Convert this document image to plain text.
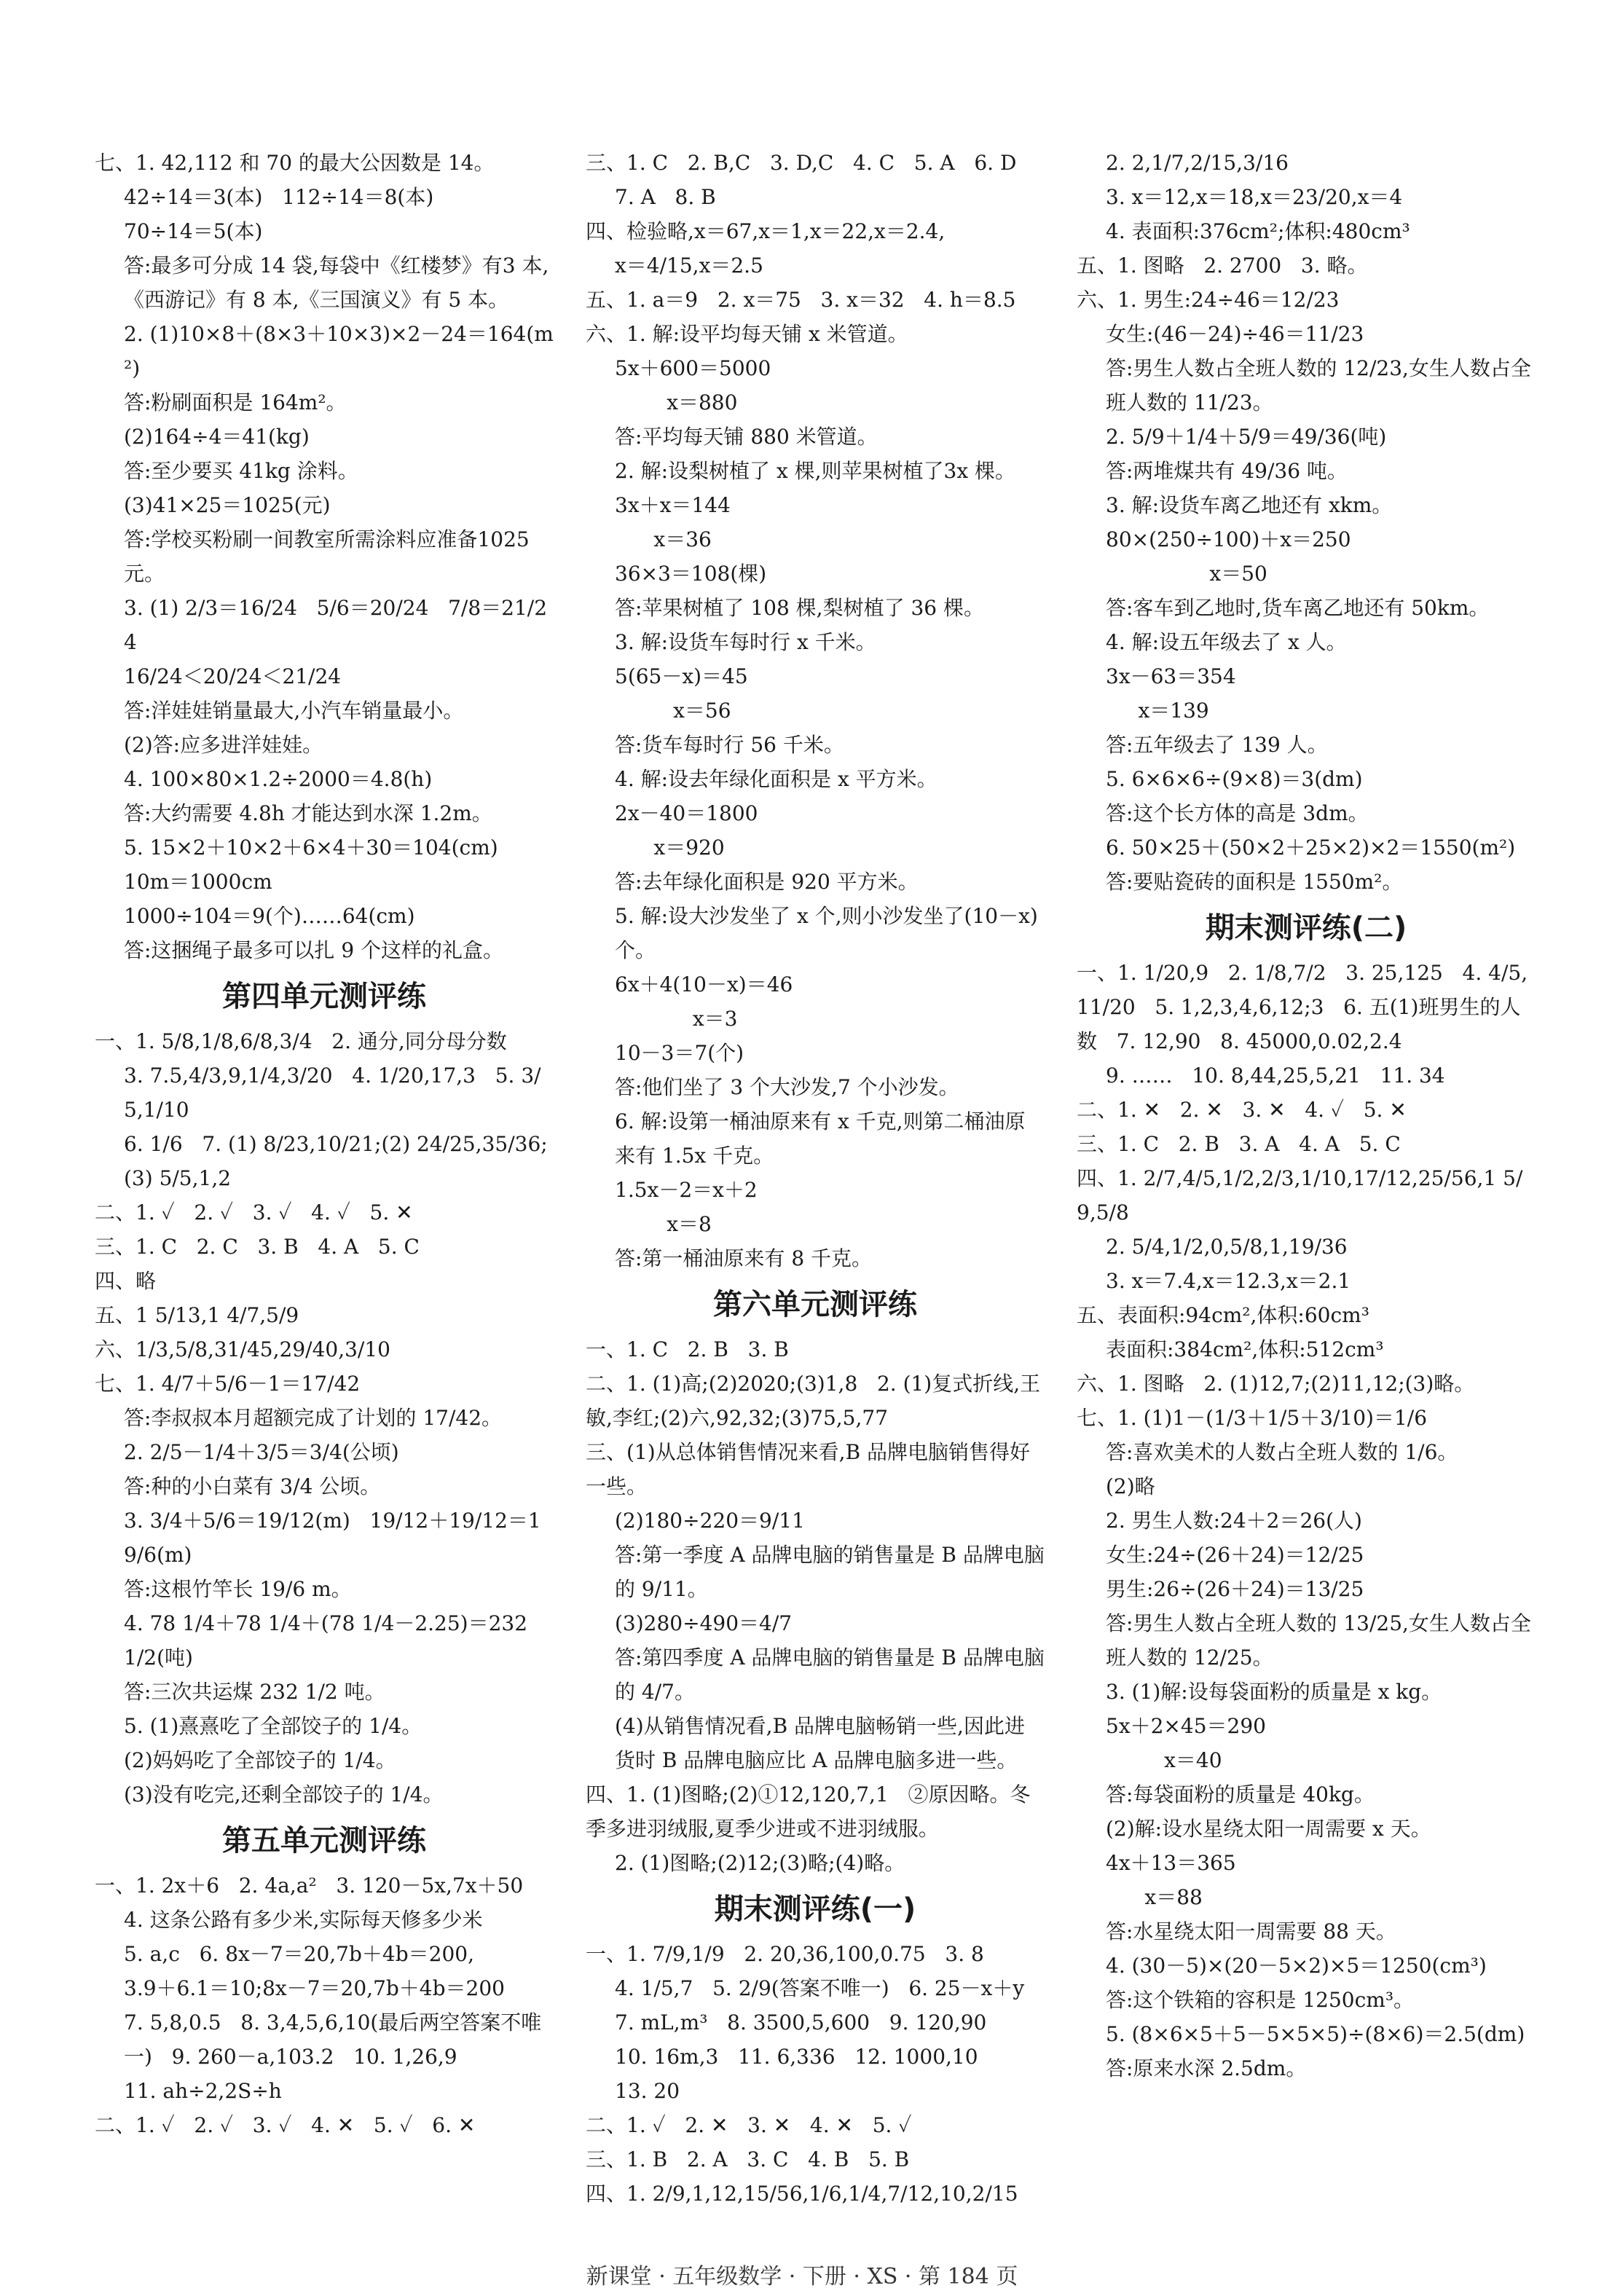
七、1. 42,112 和 70 的最大公因数是 14。

42÷14＝3(本)   112÷14＝8(本)

70÷14＝5(本)

答:最多可分成 14 袋,每袋中《红楼梦》有3 本,《西游记》有 8 本,《三国演义》有 5 本。

2. (1)10×8＋(8×3＋10×3)×2－24＝164(m²)

答:粉刷面积是 164m²。

(2)164÷4＝41(kg)

答:至少要买 41kg 涂料。

(3)41×25＝1025(元)

答:学校买粉刷一间教室所需涂料应准备1025 元。

3. (1) 2/3＝16/24   5/6＝20/24   7/8＝21/24

16/24＜20/24＜21/24

答:洋娃娃销量最大,小汽车销量最小。

(2)答:应多进洋娃娃。

4. 100×80×1.2÷2000＝4.8(h)

答:大约需要 4.8h 才能达到水深 1.2m。

5. 15×2＋10×2＋6×4＋30＝104(cm)

10m＝1000cm

1000÷104＝9(个)……64(cm)

答:这捆绳子最多可以扎 9 个这样的礼盒。

第四单元测评练

一、1. 5/8,1/8,6/8,3/4   2. 通分,同分母分数

3. 7.5,4/3,9,1/4,3/20   4. 1/20,17,3   5. 3/5,1/10

6. 1/6   7. (1) 8/23,10/21;(2) 24/25,35/36;

(3) 5/5,1,2

二、1. ✓   2. ✓   3. ✓   4. ✓   5. ✕

三、1. C   2. C   3. B   4. A   5. C

四、略

五、1 5/13,1 4/7,5/9

六、1/3,5/8,31/45,29/40,3/10

七、1. 4/7＋5/6－1＝17/42

答:李叔叔本月超额完成了计划的 17/42。

2. 2/5－1/4＋3/5＝3/4(公顷)

答:种的小白菜有 3/4 公顷。

3. 3/4＋5/6＝19/12(m)   19/12＋19/12＝19/6(m)

答:这根竹竿长 19/6 m。

4. 78 1/4＋78 1/4＋(78 1/4－2.25)＝232 1/2(吨)

答:三次共运煤 232 1/2 吨。

5. (1)熹熹吃了全部饺子的 1/4。

(2)妈妈吃了全部饺子的 1/4。

(3)没有吃完,还剩全部饺子的 1/4。

第五单元测评练

一、1. 2x＋6   2. 4a,a²   3. 120－5x,7x＋50

4. 这条公路有多少米,实际每天修多少米

5. a,c   6. 8x－7＝20,7b＋4b＝200,

3.9＋6.1＝10;8x－7＝20,7b＋4b＝200

7. 5,8,0.5   8. 3,4,5,6,10(最后两空答案不唯一)   9. 260－a,103.2   10. 1,26,9

11. ah÷2,2S÷h

二、1. ✓   2. ✓   3. ✓   4. ✕   5. ✓   6. ✕

三、1. C   2. B,C   3. D,C   4. C   5. A   6. D

7. A   8. B

四、检验略,x＝67,x＝1,x＝22,x＝2.4,

x＝4/15,x＝2.5

五、1. a＝9   2. x＝75   3. x＝32   4. h＝8.5

六、1. 解:设平均每天铺 x 米管道。

5x＋600＝5000

x＝880

答:平均每天铺 880 米管道。

2. 解:设梨树植了 x 棵,则苹果树植了3x 棵。

3x＋x＝144

x＝36

36×3＝108(棵)

答:苹果树植了 108 棵,梨树植了 36 棵。

3. 解:设货车每时行 x 千米。

5(65－x)＝45

x＝56

答:货车每时行 56 千米。

4. 解:设去年绿化面积是 x 平方米。

2x－40＝1800

x＝920

答:去年绿化面积是 920 平方米。

5. 解:设大沙发坐了 x 个,则小沙发坐了(10－x)个。

6x＋4(10－x)＝46

x＝3

10－3＝7(个)

答:他们坐了 3 个大沙发,7 个小沙发。

6. 解:设第一桶油原来有 x 千克,则第二桶油原来有 1.5x 千克。

1.5x－2＝x＋2

x＝8

答:第一桶油原来有 8 千克。

第六单元测评练

一、1. C   2. B   3. B

二、1. (1)高;(2)2020;(3)1,8   2. (1)复式折线,王敏,李红;(2)六,92,32;(3)75,5,77

三、(1)从总体销售情况来看,B 品牌电脑销售得好一些。

(2)180÷220＝9/11

答:第一季度 A 品牌电脑的销售量是 B 品牌电脑的 9/11。

(3)280÷490＝4/7

答:第四季度 A 品牌电脑的销售量是 B 品牌电脑的 4/7。

(4)从销售情况看,B 品牌电脑畅销一些,因此进货时 B 品牌电脑应比 A 品牌电脑多进一些。

四、1. (1)图略;(2)①12,120,7,1   ②原因略。冬季多进羽绒服,夏季少进或不进羽绒服。

2. (1)图略;(2)12;(3)略;(4)略。

期末测评练(一)

一、1. 7/9,1/9   2. 20,36,100,0.75   3. 8

4. 1/5,7   5. 2/9(答案不唯一)   6. 25－x＋y

7. mL,m³   8. 3500,5,600   9. 120,90

10. 16m,3   11. 6,336   12. 1000,10

13. 20

二、1. ✓   2. ✕   3. ✕   4. ✕   5. ✓

三、1. B   2. A   3. C   4. B   5. B

四、1. 2/9,1,12,15/56,1/6,1/4,7/12,10,2/15

2. 2,1/7,2/15,3/16

3. x＝12,x＝18,x＝23/20,x＝4

4. 表面积:376cm²;体积:480cm³

五、1. 图略   2. 2700   3. 略。

六、1. 男生:24÷46＝12/23

女生:(46－24)÷46＝11/23

答:男生人数占全班人数的 12/23,女生人数占全班人数的 11/23。

2. 5/9＋1/4＋5/9＝49/36(吨)

答:两堆煤共有 49/36 吨。

3. 解:设货车离乙地还有 xkm。

80×(250÷100)＋x＝250

x＝50

答:客车到乙地时,货车离乙地还有 50km。

4. 解:设五年级去了 x 人。

3x－63＝354

x＝139

答:五年级去了 139 人。

5. 6×6×6÷(9×8)＝3(dm)

答:这个长方体的高是 3dm。

6. 50×25＋(50×2＋25×2)×2＝1550(m²)

答:要贴瓷砖的面积是 1550m²。

期末测评练(二)

一、1. 1/20,9   2. 1/8,7/2   3. 25,125   4. 4/5,11/20   5. 1,2,3,4,6,12;3   6. 五(1)班男生的人数   7. 12,90   8. 45000,0.02,2.4

9. ……   10. 8,44,25,5,21   11. 34

二、1. ✕   2. ✕   3. ✕   4. ✓   5. ✕

三、1. C   2. B   3. A   4. A   5. C

四、1. 2/7,4/5,1/2,2/3,1/10,17/12,25/56,1 5/9,5/8

2. 5/4,1/2,0,5/8,1,19/36

3. x＝7.4,x＝12.3,x＝2.1

五、表面积:94cm²,体积:60cm³

表面积:384cm²,体积:512cm³

六、1. 图略   2. (1)12,7;(2)11,12;(3)略。

七、1. (1)1－(1/3＋1/5＋3/10)＝1/6

答:喜欢美术的人数占全班人数的 1/6。

(2)略

2. 男生人数:24＋2＝26(人)

女生:24÷(26＋24)＝12/25

男生:26÷(26＋24)＝13/25

答:男生人数占全班人数的 13/25,女生人数占全班人数的 12/25。

3. (1)解:设每袋面粉的质量是 x kg。

5x＋2×45＝290

x＝40

答:每袋面粉的质量是 40kg。

(2)解:设水星绕太阳一周需要 x 天。

4x＋13＝365

x＝88

答:水星绕太阳一周需要 88 天。

4. (30－5)×(20－5×2)×5＝1250(cm³)

答:这个铁箱的容积是 1250cm³。

5. (8×6×5＋5－5×5×5)÷(8×6)＝2.5(dm)

答:原来水深 2.5dm。

新课堂 · 五年级数学 · 下册 · XS · 第 184 页
